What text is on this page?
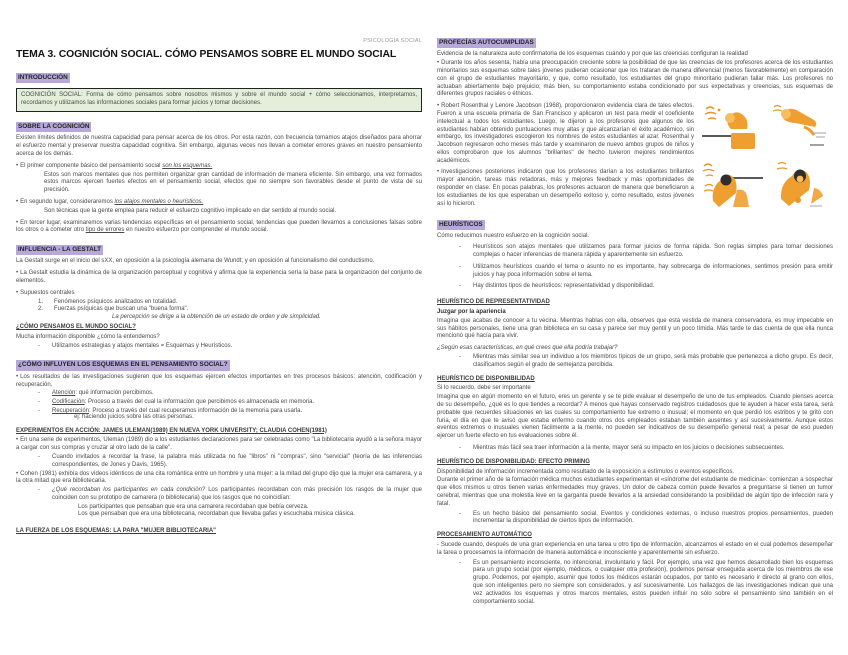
PSICOLOGÍA SOCIAL
TEMA 3. COGNICIÓN SOCIAL. CÓMO PENSAMOS SOBRE EL MUNDO SOCIAL
INTRODUCCIÓN
COGNICIÓN SOCIAL: Forma de cómo pensamos sobre nosotros mismos y sobre el mundo social + cómo seleccionamos, interpretamos, recordamos y utilizamos las informaciones sociales para formar juicios y tomar decisiones.
SOBRE LA COGNICIÓN

Existen límites definidos de nuestra capacidad para pensar acerca de los otros. Por esta razón, con frecuencia tomamos atajos diseñados para ahorrar el esfuerzo mental y preservar nuestra capacidad cognitiva. Sin embargo, algunas veces nos llevan a cometer errores graves en nuestro pensamiento acerca de los demás.

• El primer componente básico del pensamiento social son los esquemas.

Estos son marcos mentales que nos permiten organizar gran cantidad de información de manera eficiente. Sin embargo, una vez formados estos marcos ejercen fuertes efectos en el pensamiento social, efectos que no siempre son favorables desde el punto de vista de su precisión.

• En segundo lugar, consideraremos los atajos mentales o heurísticos.

Son técnicas que la gente emplea para reducir el esfuerzo cognitivo implicado en dar sentido al mundo social.

• En tercer lugar, examinaremos varias tendencias específicas en el pensamiento social, tendencias que pueden llevarnos a conclusiones falsas sobre los otros o a cometer otro tipo de errores en nuestro esfuerzo por comprender el mundo social.

INFLUENCIA - LA GESTALT

La Gestalt surge en el inicio del sXX, en oposición a la psicología alemana de Wundt; y en oposición al funcionalismo del conductismo.

• La Gestalt estudia la dinámica de la organización perceptual y cognitiva y afirma que la experiencia sería la base para la organización del conjunto de elementos.

• Supuestos centrales

1.	Fenómenos psíquicos analizados en totalidad.

2.	Fuerzas psíquicas que buscan una "buena forma".

La percepción se dirige a la obtención de un estado de orden y de simplicidad.

¿CÓMO PENSAMOS EL MUNDO SOCIAL?

Mucha información disponible ¿cómo la entendemos?

-	Utilizamos estrategias y atajos mentales = Esquemas y Heurísticos.

¿CÓMO INFLUYEN LOS ESQUEMAS EN EL PENSAMIENTO SOCIAL?

• Los resultados de las investigaciones sugieren que los esquemas ejercen efectos importantes en tres procesos básicos: atención, codificación y recuperación.

-	Atención: qué información percibimos.

-	Codificación: Proceso a través del cual la información que percibimos es almacenada en memoria.

-	Recuperación: Proceso a través del cual recuperamos información de la memoria para usarla.

ej: haciendo juicios sobre las otras personas.

EXPERIMENTOS EN ACCIÓN: JAMES ULEMAN(1989) EN NUEVA YORK UNIVERSITY; CLAUDIA COHEN(1981)

• En una serie de experimentos, Uleman (1989) dio a los estudiantes declaraciones para ser celebradas como "La bibliotecaria ayudó a la señora mayor a cargar con sus compras y cruzar al otro lado de la calle".

-	Cuando invitados a recordar la frase, la palabra más utilizada no fue "libros" ni "compras", sino "servicial" (teoría de las inferencias correspondientes, de Jones y Davis, 1965).

• Cohen (1981) exhibía dos vídeos idénticos de una cita romántica entre un hombre y una mujer: a la mitad del grupo dijo que la mujer era camarera, y a la otra mitad que era bibliotecaria.

-	¿Qué recordaban los participantes en cada condición? Los participantes recordaban con más precisión los rasgos de la mujer que coinciden con su prototipo de camarera (o bibliotecaria) que los rasgos que no coincidían:

Los participantes que pensaban que era una camarera recordaban que bebía cerveza.

Los que pensaban que era una bibliotecaria, recordaban que llevaba gafas y escuchaba música clásica.

LA FUERZA DE LOS ESQUEMAS: LA PARA "MUJER BIBLIOTECARIA"
PROFECÍAS AUTOCUMPLIDAS

Evidencia de la naturaleza auto confirmatoria de los esquemas cuándo y por que las creencias configuran la realidad

• Durante los años sesenta, había una preocupación creciente sobre la posibilidad de que las creencias de los profesores acerca de los estudiantes minoritarios sus esquemas sobre tales jóvenes pudieran ocasionar que los trataran de manera diferencial (menos favorablemente) en comparación con el grupo de estudiantes mayoritario, y que, como resultado, los estudiantes del grupo minoritario pudieran fallar más. Los profesores no actuaban abiertamente bajo prejuicio; más bien, su comportamiento estaba condicionado por sus expectativas y creencias, sus esquemas de diferentes grupos raciales o étnicos.

• Robert Rosenthal y Lenore Jacobson (1968), proporcionaron evidencia clara de tales efectos. Fueron a una escuela primaria de San Francisco y aplicaron un test para medir el coeficiente intelectual a todos los estudiantes. Luego, le dijeron a los profesores que algunos de los estudiantes habían obtenido puntuaciones muy altas y que alcanzarían el éxito académico, sin embargo, los investigadores escogieron los nombres de estos estudiantes al azar. Rosenthal y Jacobson regresaron ocho meses más tarde y examinaron de nuevo ambos grupos de niños y ellos comprobaron que los alumnos "brillantes" de hecho tuvieron mejores rendimientos académicos.

• Investigaciones posteriores indicaron que los profesores darían a los estudiantes brillantes mayor atención, tareas más retadoras, más y mejores feedback y más oportunidades de responder en clase. En pocas palabras, los profesores actuaron de manera que beneficiaron a los estudiantes de los que esperaban un desempeño exitoso y, como resultado, estos jóvenes así lo hicieron.

HEURÍSTICOS

Cómo reducimos nuestro esfuerzo en la cognición social.

-	Heurísticos son atajos mentales que utilizamos para formar juicios de forma rápida. Son reglas simples para tomar decisiones complejas o hacer inferencias de manera rápida y aparentemente sin esfuerzo.

-	Utilizamos heurísticos cuando el tema o asunto no es importante, hay sobrecarga de informaciones, sentimos presión para emitir juicios y hay poca información sobre el tema.

-	Hay distintos tipos de heurísticos: representatividad y disponibilidad.

HEURÍSTICO DE REPRESENTATIVIDAD
Juzgar por la apariencia

Imagina que acabas de conocer a tu vecina. Mientras hablas con ella, observes que está vestida de manera conservadora, es muy impecable en sus hábitos personales, tiene una gran biblioteca en su casa y parece ser muy gentil y un poco tímida. Más tarde te das cuenta de que ella nunca mencionó qué hacía para vivir.

¿Según esas características, en qué crees que ella podría trabajar?

-	Mientras más similar sea un individuo a los miembros típicos de un grupo, será más probable que pertenezca a dicho grupo. Es decir, clasificamos según el grado de semejanza percibida.

HEURÍSTICO DE DISPONIBILIDAD

Si lo recuerdo, debe ser importante

Imagina que en algún momento en el futuro, eres un gerente y se te pide evaluar el desempeño de uno de tus empleados. Cuando pienses acerca de su desempeño, ¿qué es lo que tiendes a recordar? A menos que hayas conservado registros cuidadosos que te ayuden a hacer esta tarea, será probable que recuerdes situaciones en las cuales su comportamiento fue extremo o inusual; el momento en que perdió los estribos y te gritó con furia, el día en que te avisó que estaba enfermo cuando otros dos empleados estaban también ausentes y así sucesivamente. Aunque estos eventos extremos o inusuales vienen fácilmente a la mente, no pueden ser indicativos de su desempeño general real; a pesar de eso pueden ejercer un fuerte efecto en tus evaluaciones sobre él.

-	Mientras más fácil sea traer información a la mente, mayor será su impacto en los juicios o decisiones subsecuentes.

HEURÍSTICO DE DISPONIBILIDAD: EFECTO PRIMING

Disponibilidad de información incrementada como resultado de la exposición a estímulos o eventos específicos.

Durante el primer año de la formación médica muchos estudiantes experimentan el «síndrome del estudiante de medicina»: comienzan a sospechar que ellos mismos u otros tienen varias enfermedades muy graves. Un dolor de cabeza común puede llevarlos a preguntarse si tienen un tumor cerebral, mientras que una molestia leve en la garganta puede llevarlos a la ansiedad considerando la posibilidad de algún tipo de infección rara y fatal.

-	Es un hecho básico del pensamiento social. Eventos y condiciones externas, o incluso nuestros propios pensamientos, pueden incrementar la disponibilidad de ciertos tipos de información.

PROCESAMIENTO AUTOMÁTICO

- Sucede cuando, después de una gran experiencia en una tarea u otro tipo de información, alcanzamos el estado en el cual podemos desempeñar la tarea o procesamos la información de manera automática e inconsciente y aparentemente sin esfuerzo.

-	Es un pensamiento inconsciente, no intencional, involuntario y fácil. Por ejemplo, una vez que hemos desarrollado bien los esquemas para un grupo social (por ejemplo, médicos, o cualquier otra profesión), podemos pensar enseguida acerca de los miembros de ese grupo. Podemos, por ejemplo, asumir que todos los médicos estarán ocupados, por tanto es necesario ir directo al grano con ellos, que son inteligentes pero no siempre son considerados, y así sucesivamente. Los hallazgos de las investigaciones indican que una vez activados los esquemas y otros marcos mentales, estos pueden influir no sólo sobre el pensamiento sino también en el comportamiento social.
